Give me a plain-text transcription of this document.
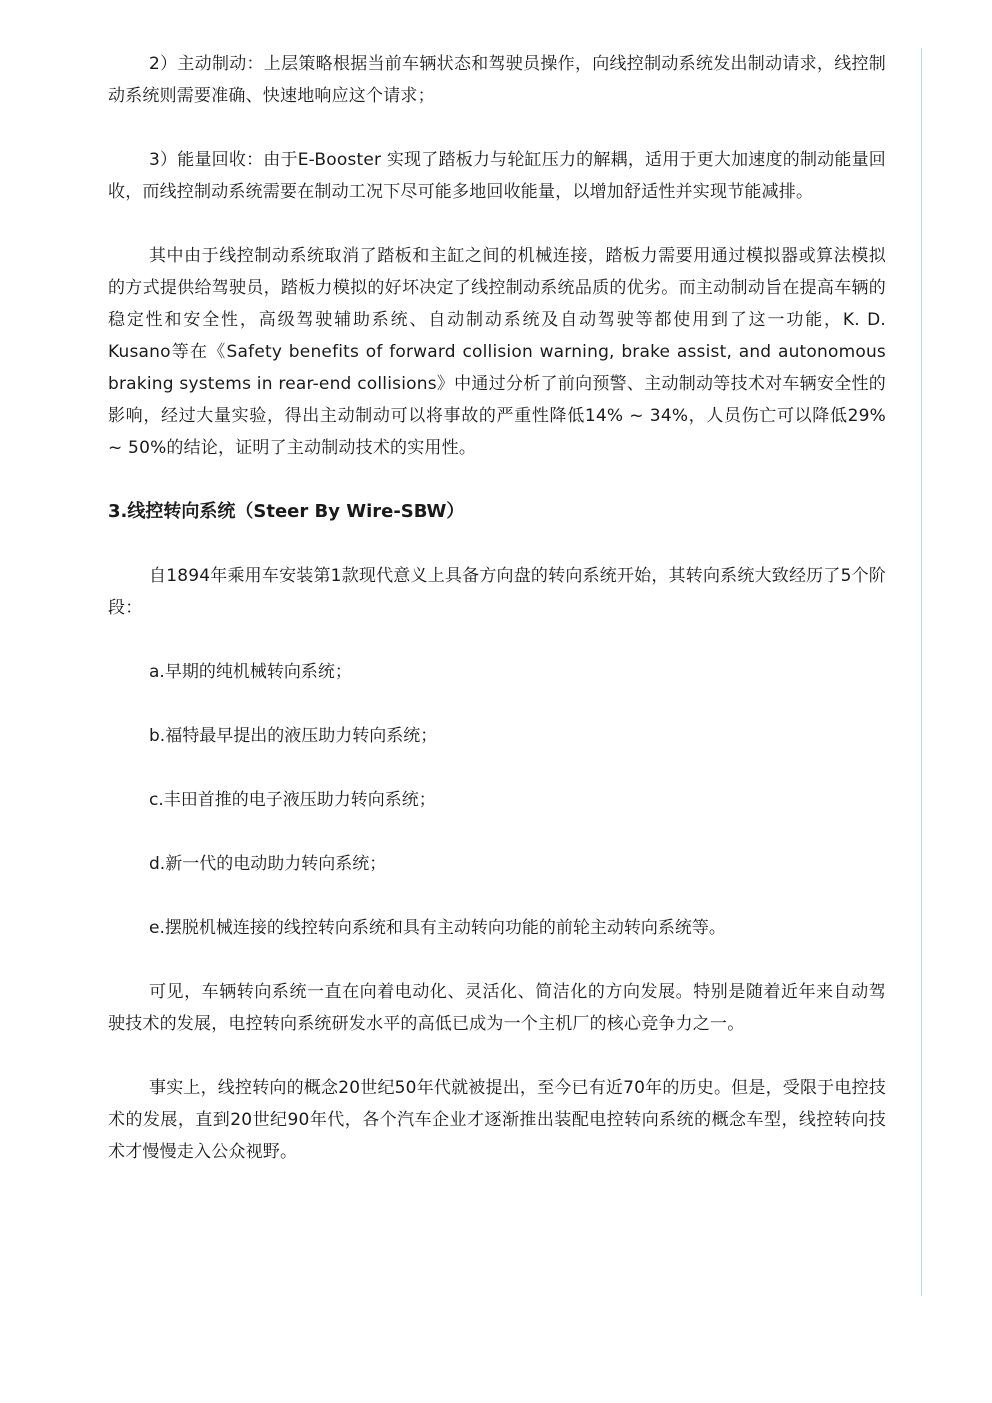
2）主动制动：上层策略根据当前车辆状态和驾驶员操作，向线控制动系统发出制动请求，线控制动系统则需要准确、快速地响应这个请求；

3）能量回收：由于E-Booster 实现了踏板力与轮缸压力的解耦，适用于更大加速度的制动能量回收，而线控制动系统需要在制动工况下尽可能多地回收能量，以增加舒适性并实现节能减排。

其中由于线控制动系统取消了踏板和主缸之间的机械连接，踏板力需要用通过模拟器或算法模拟的方式提供给驾驶员，踏板力模拟的好坏决定了线控制动系统品质的优劣。而主动制动旨在提高车辆的稳定性和安全性，高级驾驶辅助系统、自动制动系统及自动驾驶等都使用到了这一功能，K. D. Kusano等在《Safety benefits of forward collision warning, brake assist, and autonomous braking systems in rear-end collisions》中通过分析了前向预警、主动制动等技术对车辆安全性的影响，经过大量实验，得出主动制动可以将事故的严重性降低14% ~ 34%，人员伤亡可以降低29% ~ 50%的结论，证明了主动制动技术的实用性。

3.线控转向系统（Steer By Wire-SBW）

自1894年乘用车安装第1款现代意义上具备方向盘的转向系统开始，其转向系统大致经历了5个阶段：

a.早期的纯机械转向系统；

b.福特最早提出的液压助力转向系统；

c.丰田首推的电子液压助力转向系统；

d.新一代的电动助力转向系统；

e.摆脱机械连接的线控转向系统和具有主动转向功能的前轮主动转向系统等。

可见，车辆转向系统一直在向着电动化、灵活化、简洁化的方向发展。特别是随着近年来自动驾驶技术的发展，电控转向系统研发水平的高低已成为一个主机厂的核心竞争力之一。

事实上，线控转向的概念20世纪50年代就被提出，至今已有近70年的历史。但是，受限于电控技术的发展，直到20世纪90年代，各个汽车企业才逐渐推出装配电控转向系统的概念车型，线控转向技术才慢慢走入公众视野。
